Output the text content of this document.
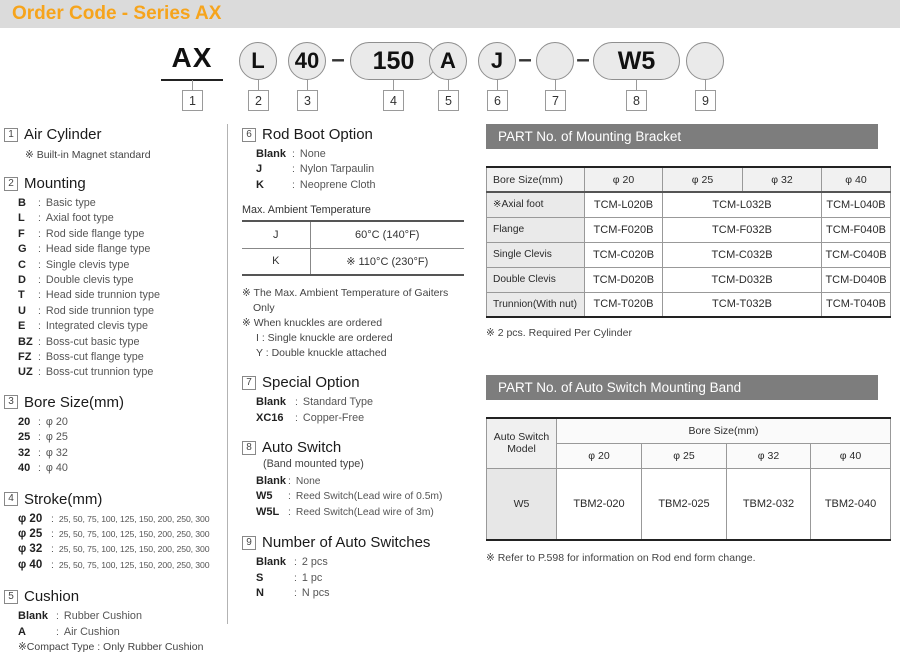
Order Code - Series AX
AX	L	40 –	150	A	J – –	W5
1	2	3	4	5	6	7	8	9
1 Air Cylinder
※ Built-in Magnet standard
2 Mounting
B	: Basic type
L	: Axial foot type
F	: Rod side flange type
G	: Head side flange type
C	: Single clevis type
D	: Double clevis type
T	: Head side trunnion type
U	: Rod side trunnion type
E	: Integrated clevis type
BZ : Boss-cut basic type
FZ : Boss-cut flange type
UZ : Boss-cut trunnion type
3 Bore Size(mm)
20 : φ 20
25 : φ 25
32 : φ 32
40 : φ 40
4 Stroke(mm)
φ 20 : 25, 50, 75, 100, 125, 150, 200, 250, 300
φ 25 : 25, 50, 75, 100, 125, 150, 200, 250, 300
φ 32 : 25, 50, 75, 100, 125, 150, 200, 250, 300
φ 40 : 25, 50, 75, 100, 125, 150, 200, 250, 300
5 Cushion
Blank : Rubber Cushion
A	: Air Cushion
※Compact Type : Only Rubber Cushion
6 Rod Boot Option
Blank : None
J	: Nylon Tarpaulin
K	: Neoprene Cloth
Max. Ambient Temperature
J	60°C (140°F)
K	※ 110°C (230°F)
※ The Max. Ambient Temperature of Gaiters Only
※ When knuckles are ordered
I : Single knuckle are ordered
Y : Double knuckle attached
7 Special Option
Blank : Standard Type
XC16	: Copper-Free
8 Auto Switch
(Band mounted type)
Blank : None
W5	: Reed Switch(Lead wire of 0.5m)
W5L : Reed Switch(Lead wire of 3m)
9 Number of Auto Switches
Blank : 2 pcs
S	: 1 pc
N	: N pcs
PART No. of Mounting Bracket
Bore Size(mm)	φ 20	φ 25	φ 32	φ 40
※Axial foot	TCM-L020B	TCM-L032B		TCM-L040B
Flange	TCM-F020B	TCM-F032B		TCM-F040B
Single Clevis	TCM-C020B	TCM-C032B		TCM-C040B
Double Clevis	TCM-D020B	TCM-D032B		TCM-D040B
Trunnion(With nut)	TCM-T020B	TCM-T032B		TCM-T040B
※ 2 pcs. Required Per Cylinder
PART No. of Auto Switch Mounting Band
Auto Switch Model	Bore Size(mm)			
	φ 20	φ 25	φ 32	φ 40
W5	TBM2-020	TBM2-025	TBM2-032	TBM2-040
※ Refer to P.598 for information on Rod end form change.
